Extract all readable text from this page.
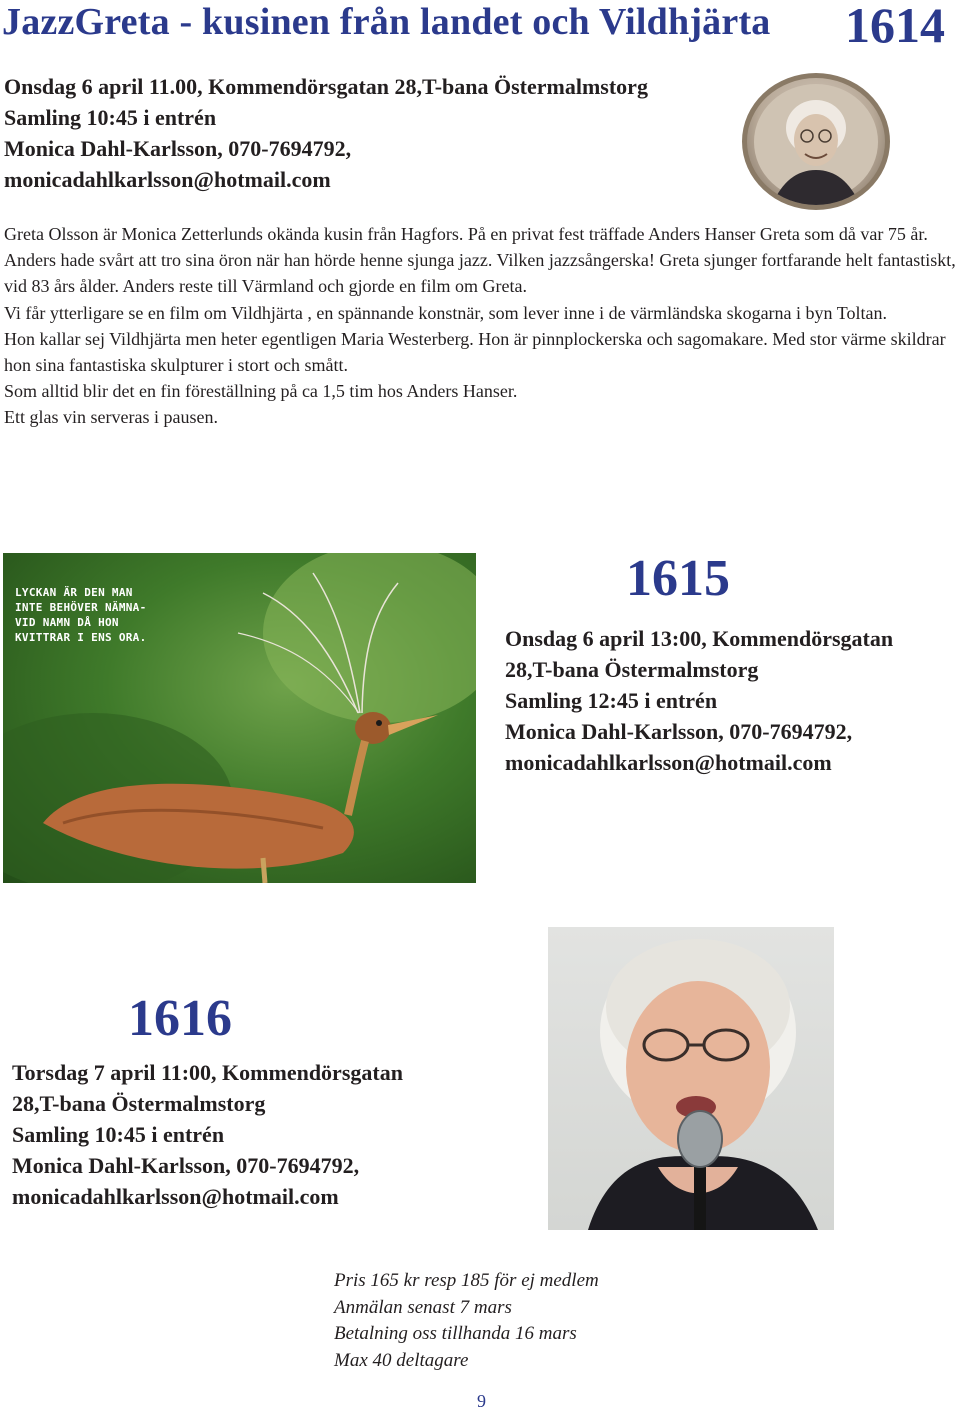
JazzGreta - kusinen från landet och Vildhjärta 1614
Onsdag 6 april 11.00, Kommendörsgatan 28,T-bana Östermalmstorg
Samling 10:45 i entrén
Monica Dahl-Karlsson, 070-7694792,
monicadahlkarlsson@hotmail.com

Greta Olsson är Monica Zetterlunds okända kusin från Hagfors. På en privat fest träffade Anders Hanser Greta som då var 75 år. Anders hade svårt att tro sina öron när han hörde henne sjunga jazz. Vilken jazzsångerska! Greta sjunger fortfarande helt fantastiskt, vid 83 års ålder. Anders reste till Värmland och gjorde en film om Greta.

Vi får ytterligare se en film om Vildhjärta , en spännande konstnär, som lever inne i de värmländska skogarna i byn Toltan.

Hon kallar sej Vildhjärta men heter egentligen Maria Westerberg. Hon är pinnplockerska och sagomakare. Med stor värme skildrar hon sina fantastiska skulpturer i stort och smått.

Som alltid blir det en fin föreställning på ca 1,5 tim hos Anders Hanser.

Ett glas vin serveras i pausen.

LYCKAN ÄR DEN MAN
INTE BEHÖVER NÄMNA-
VID NAMN DÅ HON
KVITTRAR I ENS ORA.
1615
Onsdag 6 april 13:00, Kommendörsgatan
28,T-bana Östermalmstorg
Samling 12:45 i entrén
Monica Dahl-Karlsson, 070-7694792,
monicadahlkarlsson@hotmail.com
1616
Torsdag 7 april 11:00, Kommendörsgatan
28,T-bana Östermalmstorg
Samling 10:45 i entrén
Monica Dahl-Karlsson, 070-7694792,
monicadahlkarlsson@hotmail.com
Pris 165 kr resp 185 för ej medlem
Anmälan senast 7 mars
Betalning oss tillhanda 16 mars
Max 40 deltagare
9
